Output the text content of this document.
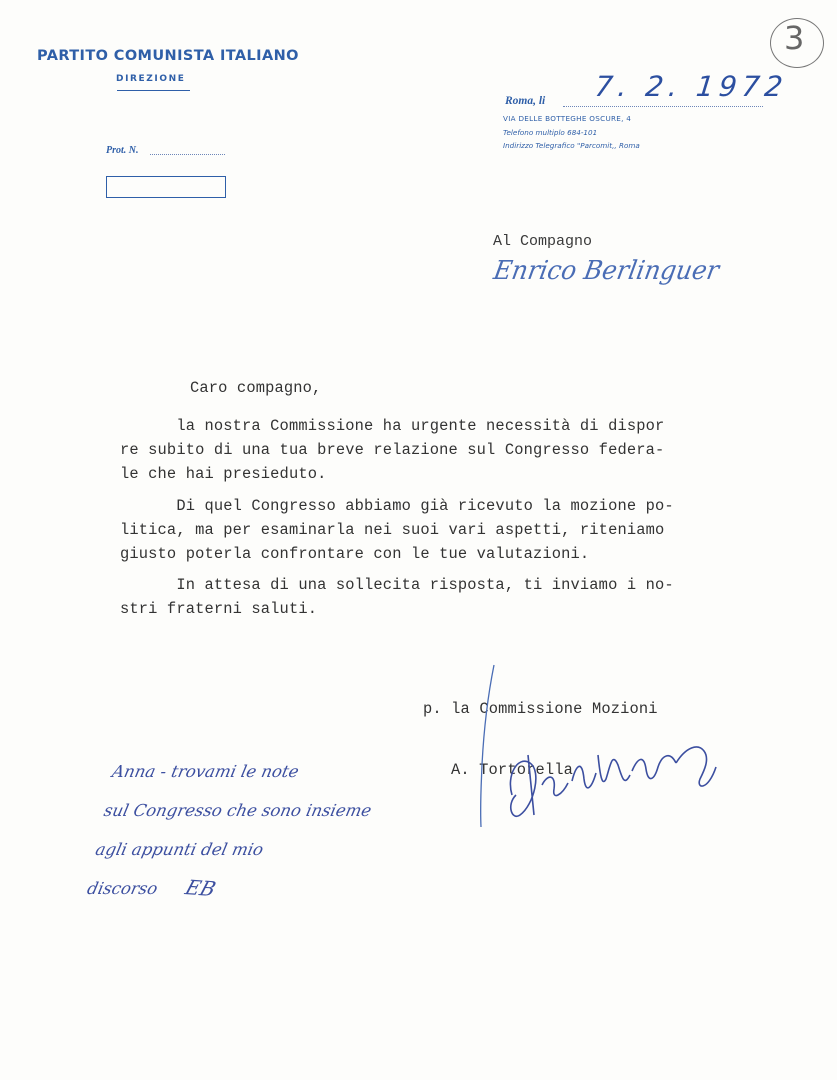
PARTITO COMUNISTA ITALIANO
DIREZIONE
Prot. N.
Roma, li 7. 2. 1972
VIA DELLE BOTTEGHE OSCURE, 4
Telefono multiplo 684-101
Indirizzo Telegrafico "Parcomit,, Roma
3
Al Compagno
Enrico Berlinguer
Caro compagno,
la nostra Commissione ha urgente necessità di dispor
re subito di una tua breve relazione sul Congresso federa-
le che hai presieduto.
Di quel Congresso abbiamo già ricevuto la mozione po-
litica, ma per esaminarla nei suoi vari aspetti, riteniamo
giusto poterla confrontare con le tue valutazioni.
In attesa di una sollecita risposta, ti inviamo i no-
stri fraterni saluti.
p. la Commissione Mozioni
A. Tortorella
Anna - trovami le note
sul Congresso che sono insieme
agli appunti del mio
discorso	EB
